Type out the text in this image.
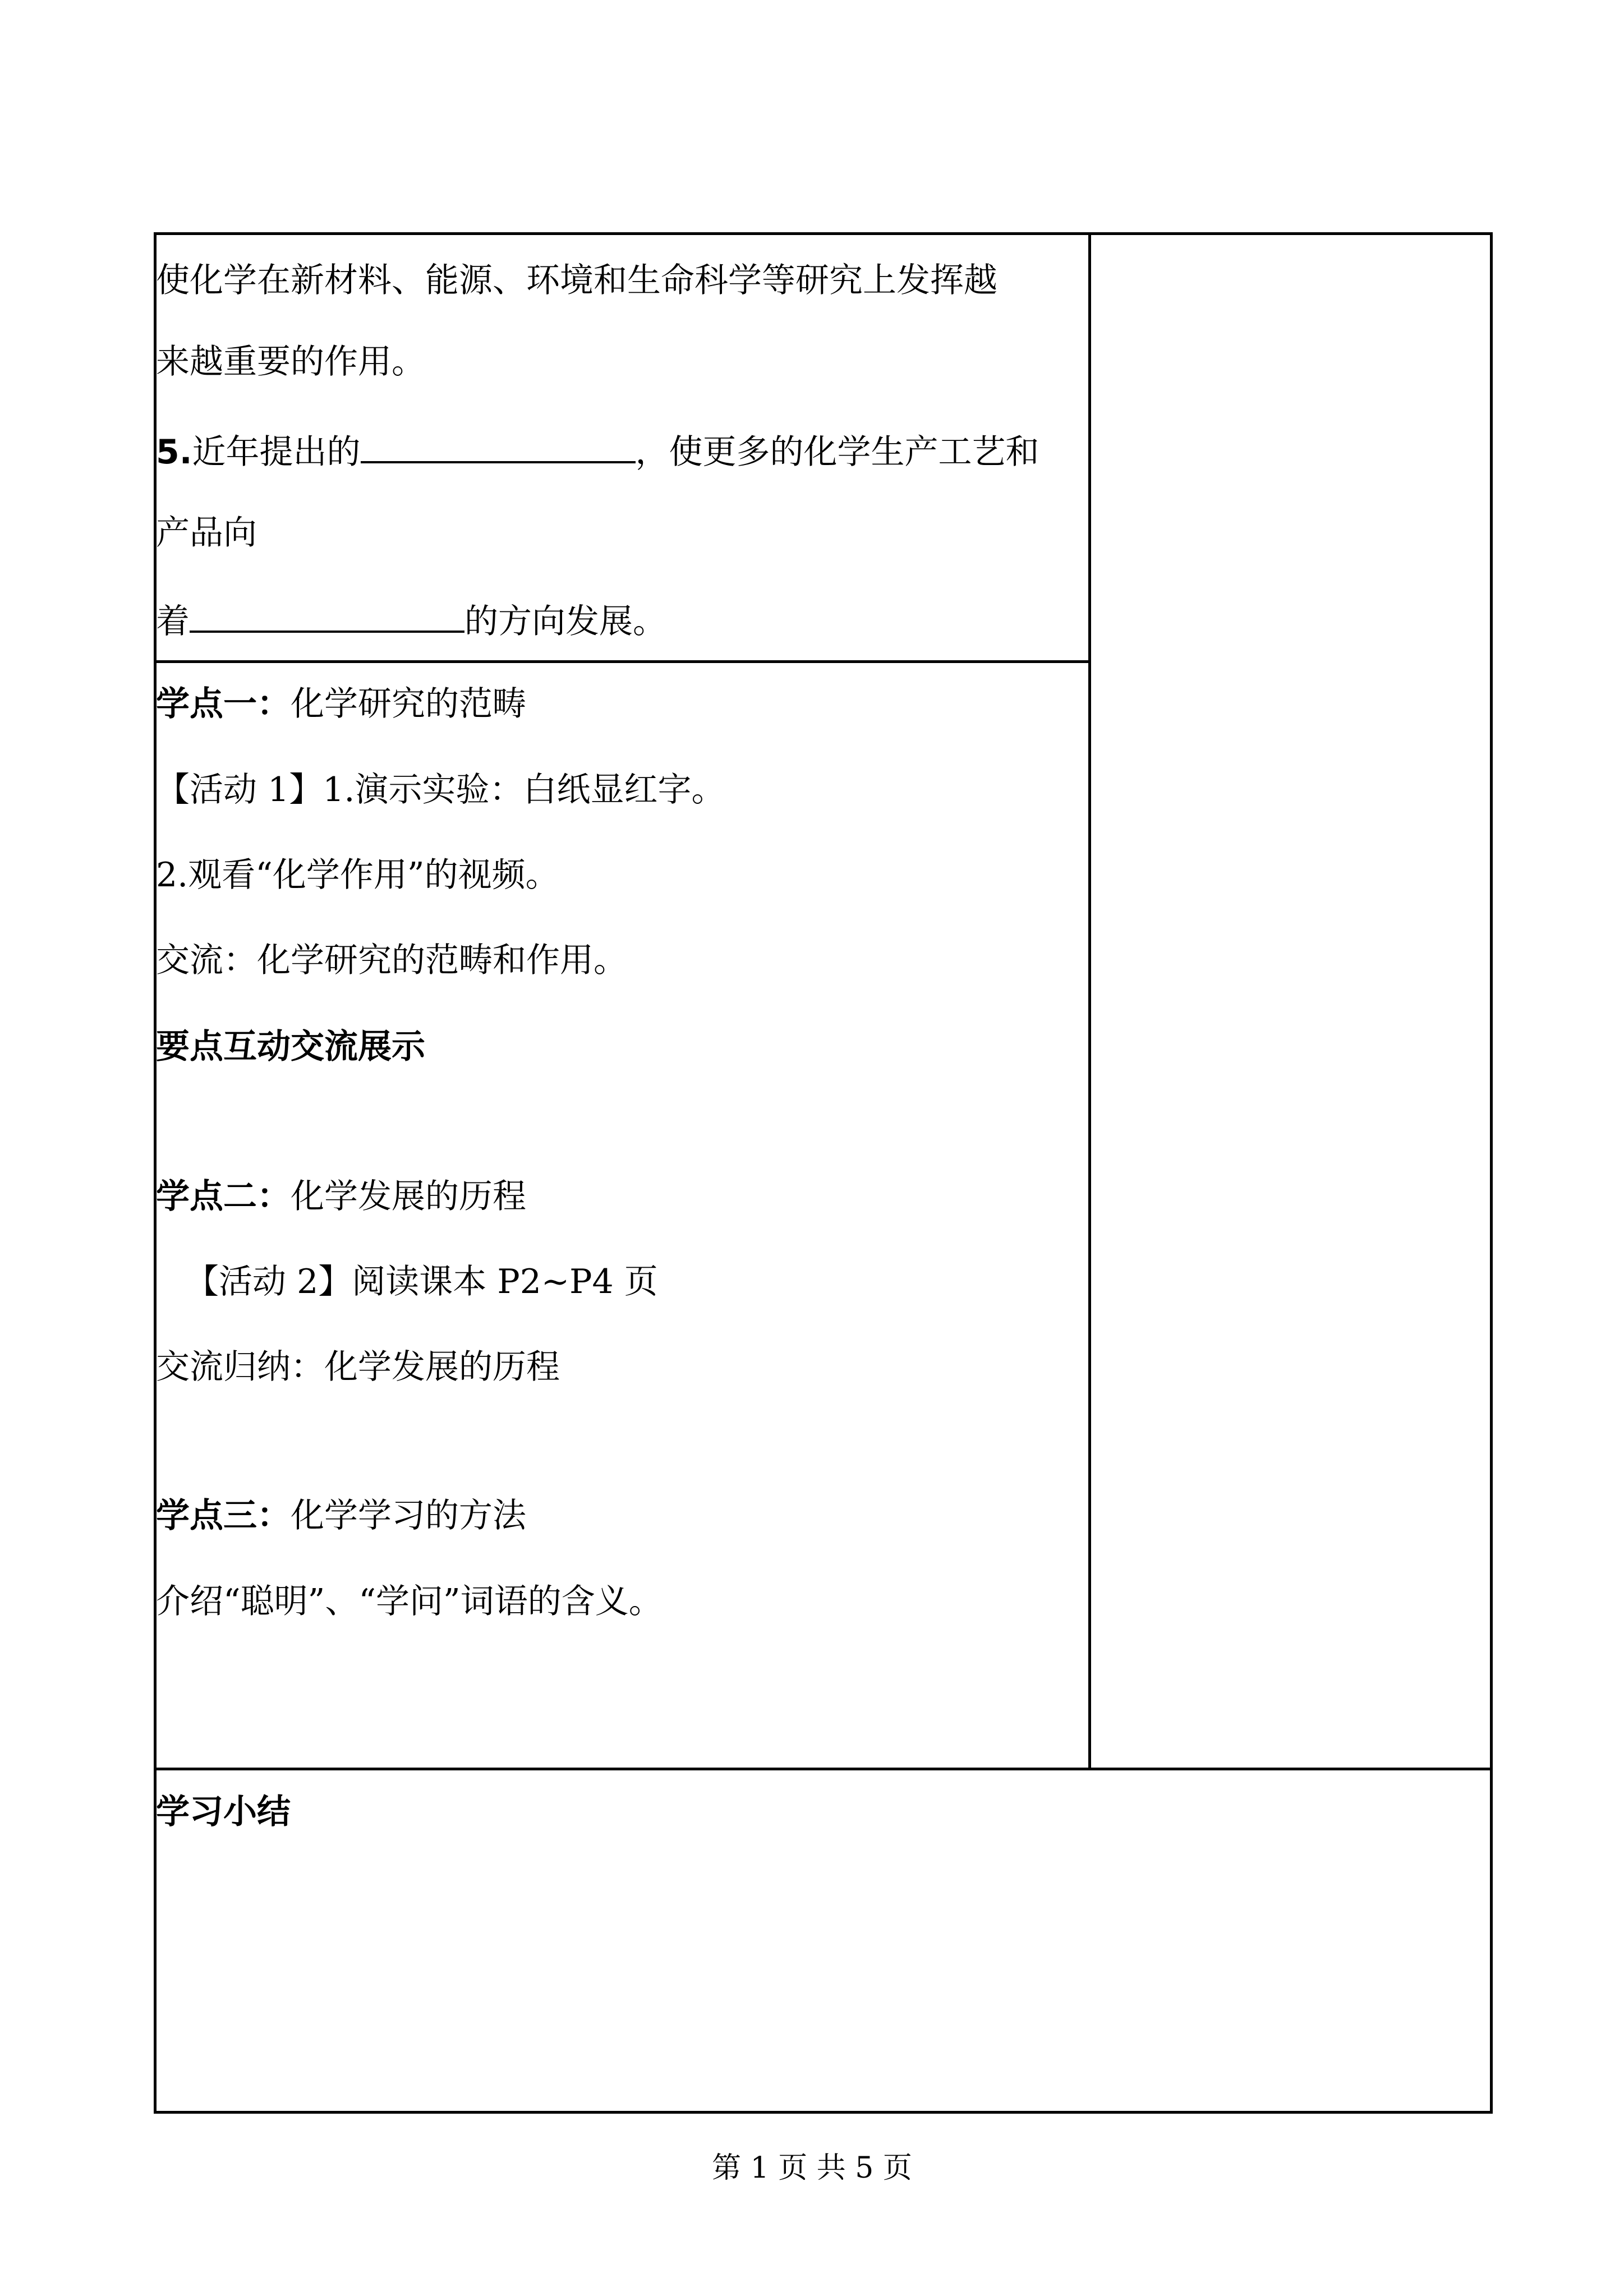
使化学在新材料、能源、环境和生命科学等研究上发挥越
来越重要的作用。
5.近年提出的	，使更多的化学生产工艺和
产品向
着	的方向发展。
学点一：化学研究的范畴
【活动 1】1.演示实验：白纸显红字。
2.观看“化学作用”的视频。
交流：化学研究的范畴和作用。
要点互动交流展示
学点二：化学发展的历程
【活动 2】阅读课本 P2~P4 页
交流归纳：化学发展的历程
学点三：化学学习的方法
介绍“聪明”、“学问”词语的含义。
学习小结
第 1 页 共 5 页
